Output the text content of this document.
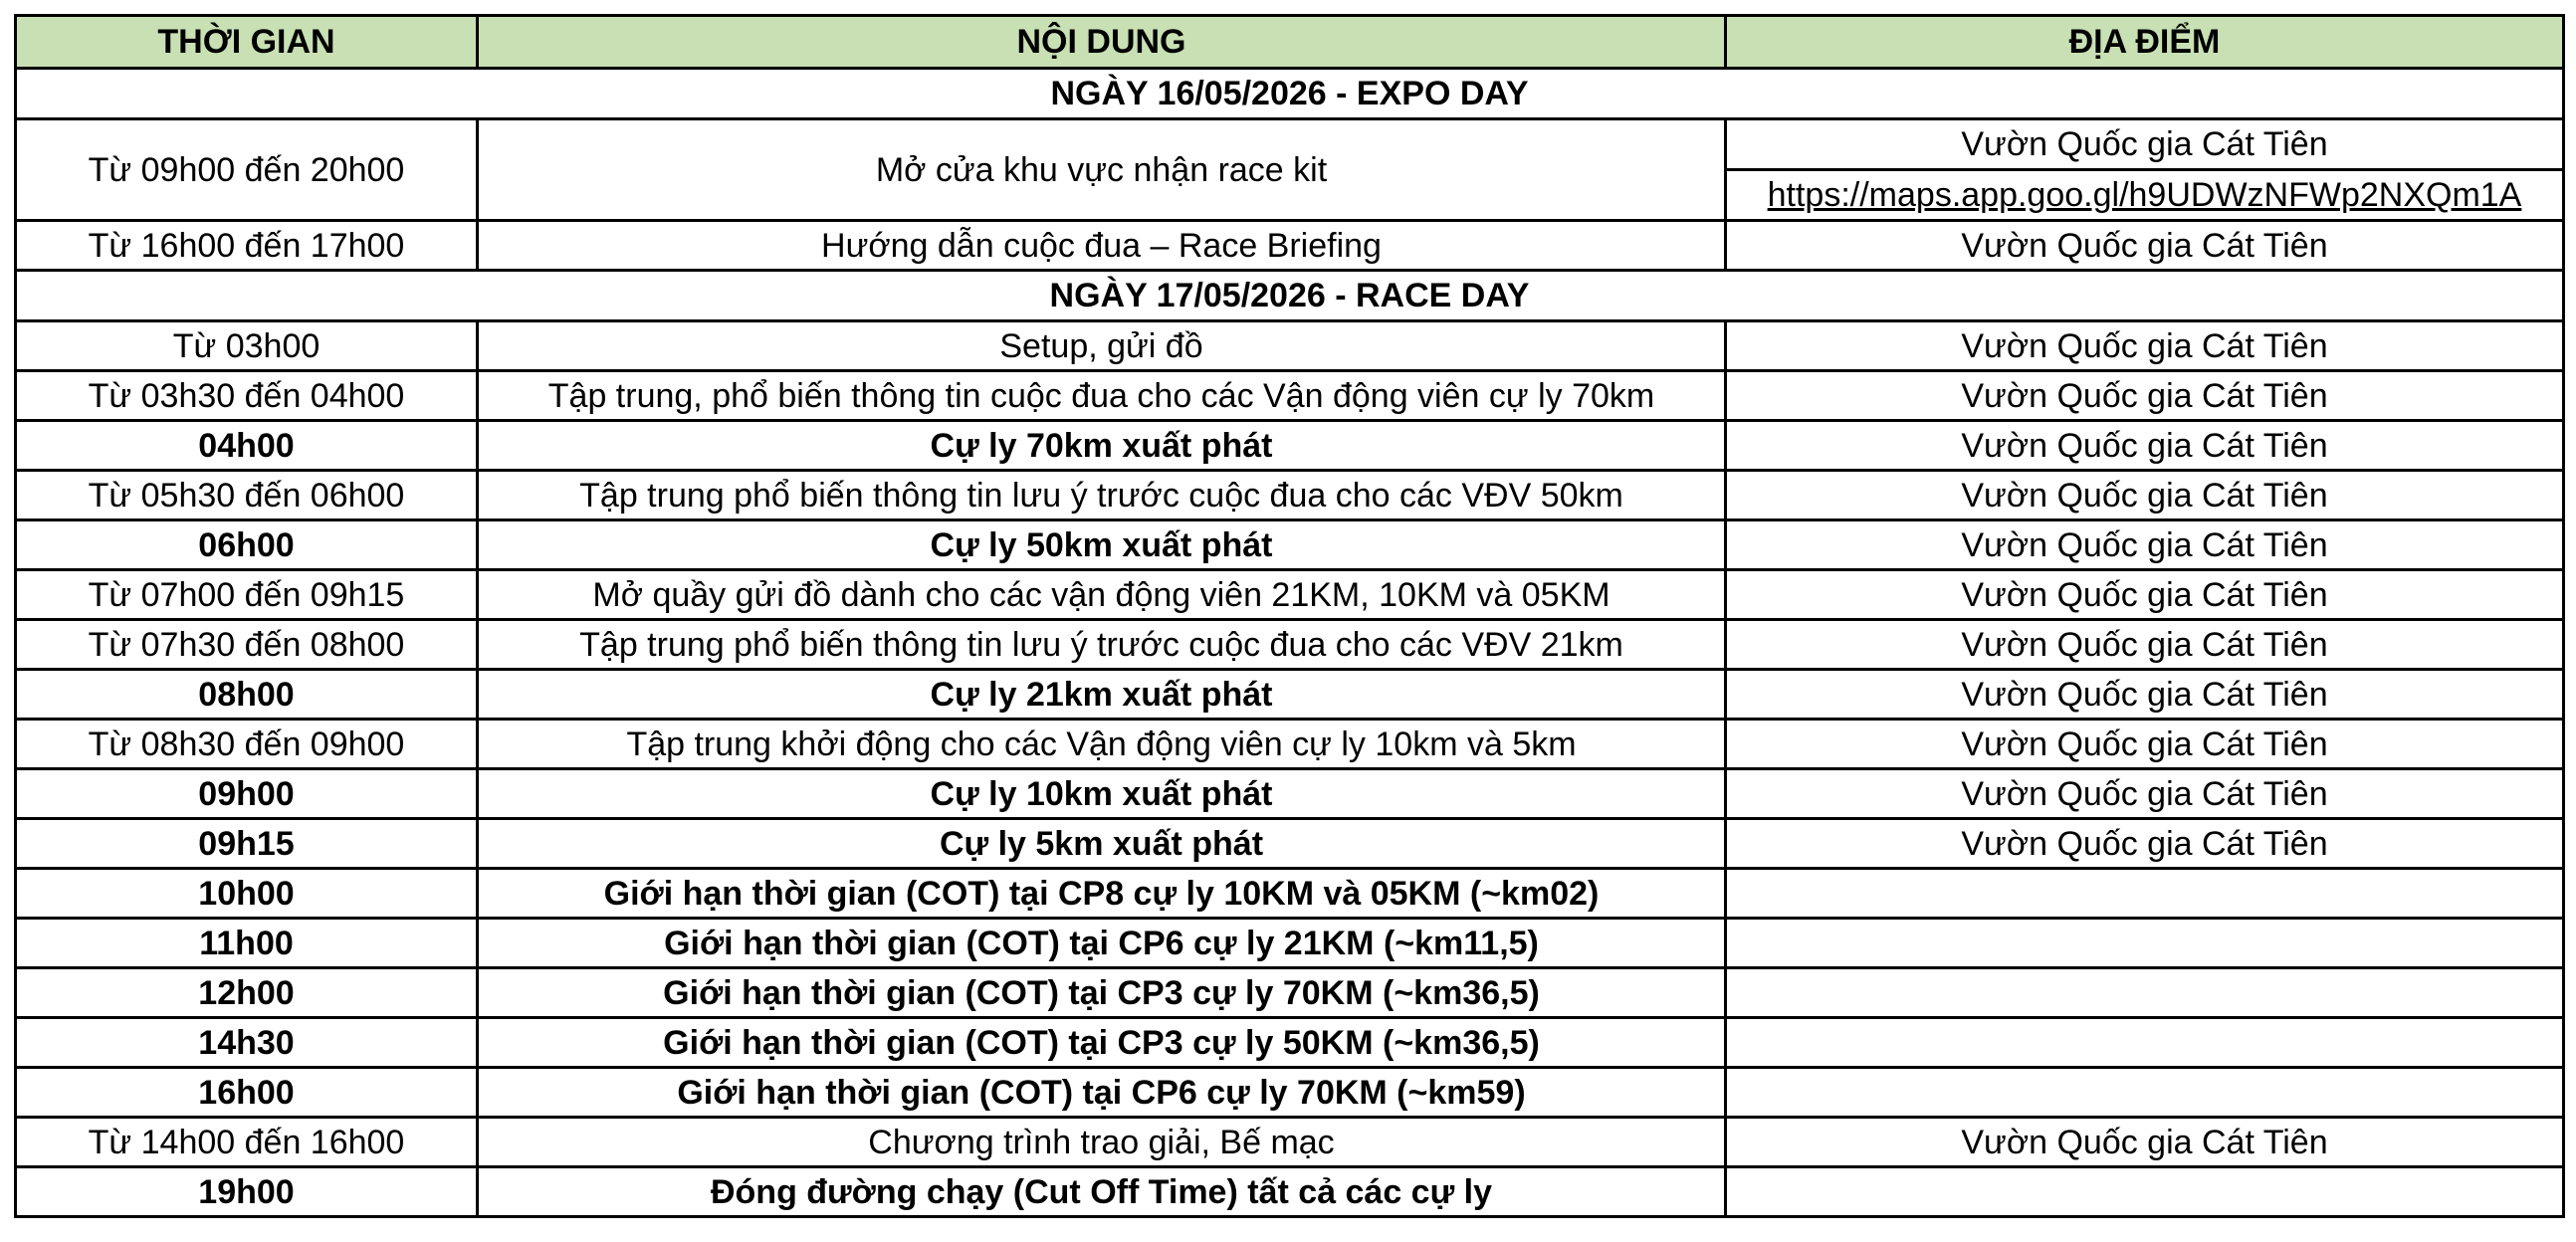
THỜI GIAN	NỘI DUNG	ĐỊA ĐIỂM
NGÀY 16/05/2026 - EXPO DAY		
Từ 09h00 đến 20h00	Mở cửa khu vực nhận race kit	Vườn Quốc gia Cát Tiên
https://maps.app.goo.gl/h9UDWzNFWp2NXQm1A

Từ 16h00 đến 17h00	Hướng dẫn cuộc đua – Race Briefing	Vườn Quốc gia Cát Tiên
NGÀY 17/05/2026 - RACE DAY		
Từ 03h00	Setup, gửi đồ	Vườn Quốc gia Cát Tiên
Từ 03h30 đến 04h00	Tập trung, phổ biến thông tin cuộc đua cho các Vận động viên cự ly 70km	Vườn Quốc gia Cát Tiên
04h00	Cự ly 70km xuất phát	Vườn Quốc gia Cát Tiên
Từ 05h30 đến 06h00	Tập trung phổ biến thông tin lưu ý trước cuộc đua cho các VĐV 50km	Vườn Quốc gia Cát Tiên
06h00	Cự ly 50km xuất phát	Vườn Quốc gia Cát Tiên
Từ 07h00 đến 09h15	Mở quầy gửi đồ dành cho các vận động viên 21KM, 10KM và 05KM	Vườn Quốc gia Cát Tiên
Từ 07h30 đến 08h00	Tập trung phổ biến thông tin lưu ý trước cuộc đua cho các VĐV 21km	Vườn Quốc gia Cát Tiên
08h00	Cự ly 21km xuất phát	Vườn Quốc gia Cát Tiên
Từ 08h30 đến 09h00	Tập trung khởi động cho các Vận động viên cự ly 10km và 5km	Vườn Quốc gia Cát Tiên
09h00	Cự ly 10km xuất phát	Vườn Quốc gia Cát Tiên
09h15	Cự ly 5km xuất phát	Vườn Quốc gia Cát Tiên
10h00	Giới hạn thời gian (COT) tại CP8 cự ly 10KM và 05KM (~km02)	
11h00	Giới hạn thời gian (COT) tại CP6 cự ly 21KM (~km11,5)	
12h00	Giới hạn thời gian (COT) tại CP3 cự ly 70KM (~km36,5)	
14h30	Giới hạn thời gian (COT) tại CP3 cự ly 50KM (~km36,5)	
16h00	Giới hạn thời gian (COT) tại CP6 cự ly 70KM (~km59)	
Từ 14h00 đến 16h00	Chương trình trao giải, Bế mạc	Vườn Quốc gia Cát Tiên
19h00	Đóng đường chạy (Cut Off Time) tất cả các cự ly	
